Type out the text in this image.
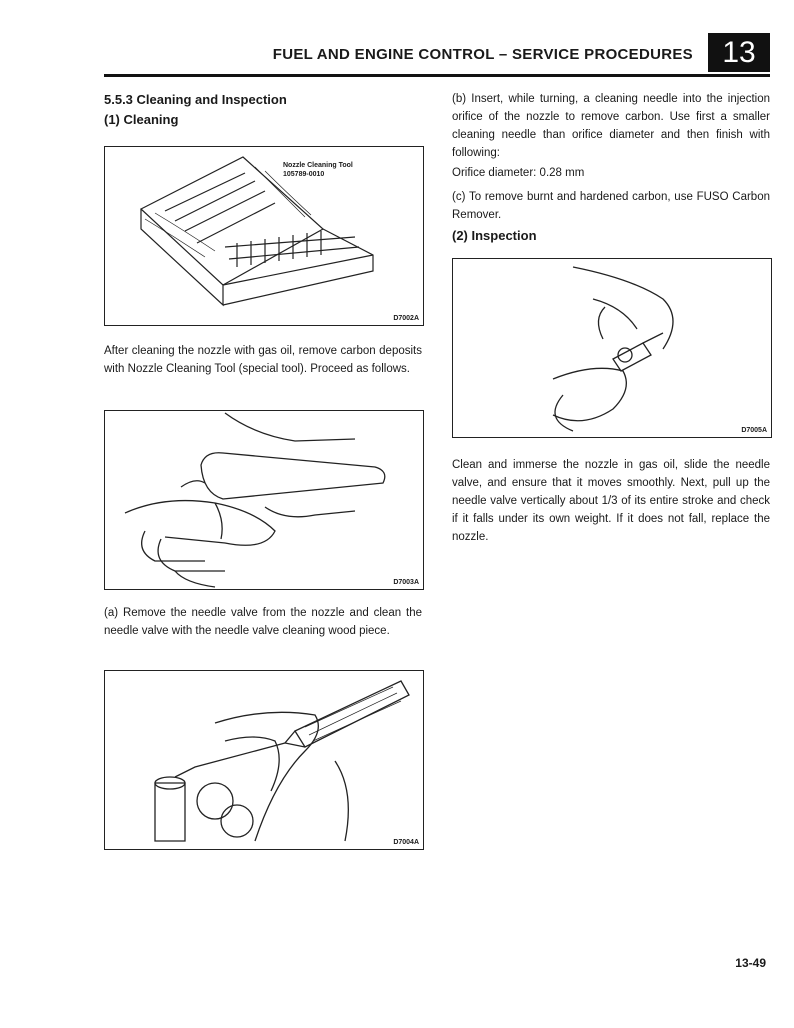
FUEL AND ENGINE CONTROL – SERVICE PROCEDURES 13
5.5.3 Cleaning and Inspection
(1) Cleaning
Nozzle Cleaning Tool
105789-0010
D7002A
After cleaning the nozzle with gas oil, remove carbon deposits with Nozzle Cleaning Tool (special tool). Proceed as follows.
D7003A
(a) Remove the needle valve from the nozzle and clean the needle valve with the needle valve cleaning wood piece.
D7004A
(b) Insert, while turning, a cleaning needle into the injection orifice of the nozzle to remove carbon. Use first a smaller cleaning needle than orifice diameter and then finish with following:
Orifice diameter: 0.28 mm
(c) To remove burnt and hardened carbon, use FUSO Carbon Remover.
(2) Inspection
D7005A
Clean and immerse the nozzle in gas oil, slide the needle valve, and ensure that it moves smoothly. Next, pull up the needle valve vertically about 1/3 of its entire stroke and check if it falls under its own weight. If it does not fall, replace the nozzle.
13-49
